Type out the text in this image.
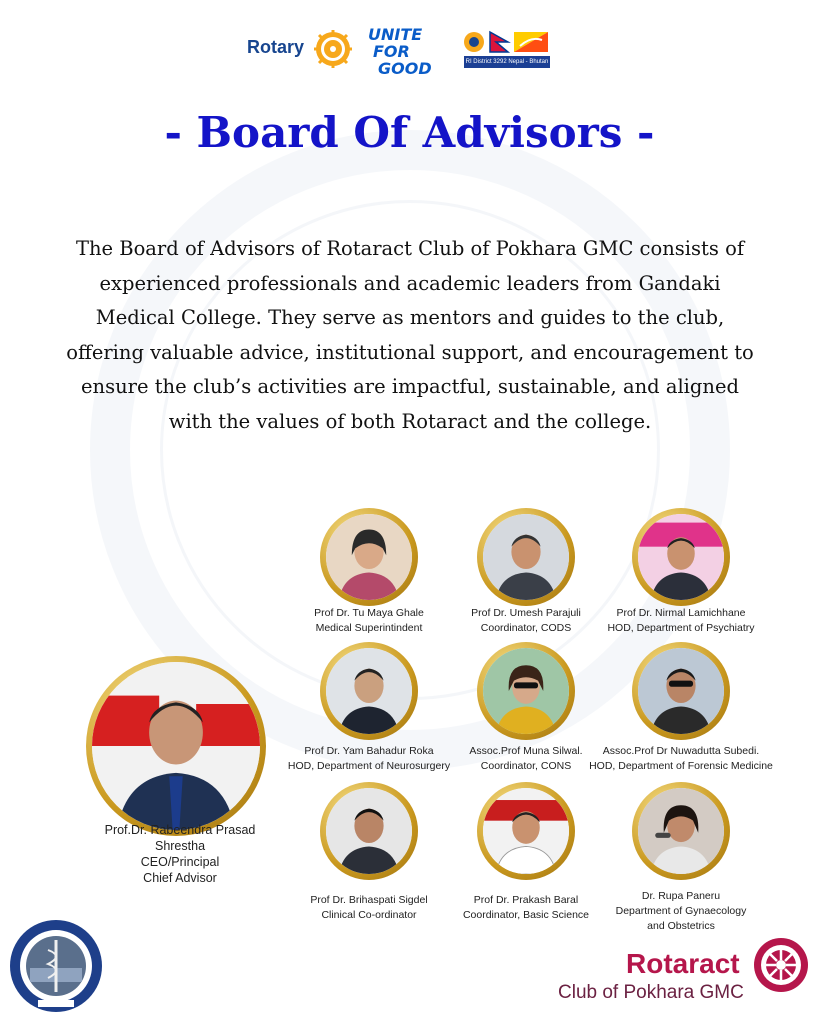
Rotary
UNITE
FOR
GOOD	RI District 3292 Nepal - Bhutan
- Board Of Advisors -

The Board of Advisors of Rotaract Club of Pokhara GMC consists of experienced professionals and academic leaders from Gandaki Medical College. They serve as mentors and guides to the club, offering valuable advice, institutional support, and encouragement to ensure the club’s activities are impactful, sustainable, and aligned with the values of both Rotaract and the college.

Prof.Dr. Rabeendra Prasad
Shrestha
CEO/Principal
Chief Advisor
Prof Dr. Tu Maya Ghale
Medical Superintindent
Prof Dr. Umesh Parajuli
Coordinator, CODS
Prof Dr. Nirmal Lamichhane
HOD, Department of Psychiatry
Prof Dr. Yam Bahadur Roka
HOD, Department of Neurosurgery
Assoc.Prof Muna Silwal.
Coordinator, CONS
Assoc.Prof Dr Nuwadutta Subedi.
HOD, Department of Forensic Medicine
Prof Dr. Brihaspati Sigdel
Clinical Co-ordinator
Prof Dr. Prakash Baral
Coordinator, Basic Science
Dr. Rupa Paneru
Department of Gynaecology
and Obstetrics
Rotaract
Club of Pokhara GMC
